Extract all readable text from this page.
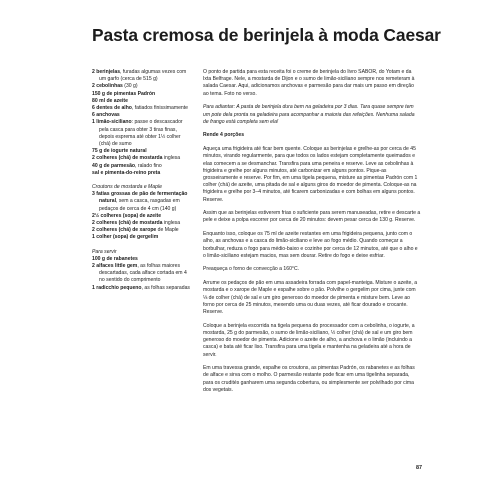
Pasta cremosa de berinjela à moda Caesar

2 berinjelas, furadas algumas vezes com um garfo (cerca de 515 g)

2 cebolinhas (30 g)

150 g de pimentas Padrón

80 ml de azeite

6 dentes de alho, fatiados finissimamente

6 anchovas

1 limão-siciliano: passe o descascador pela casca para obter 3 tiras finas, depois esprema até obter 1½ colher (chá) de sumo

75 g de iogurte natural

2 colheres (chá) de mostarda inglesa

40 g de parmesão, ralado fino

sal e pimenta-do-reino preta

Croutons de mostarda e Maple

3 fatias grossas de pão de fermentação natural, sem a casca, rasgadas em pedaços de cerca de 4 cm (140 g)

2½ colheres (sopa) de azeite

2 colheres (chá) de mostarda inglesa

2 colheres (chá) de xarope de Maple

1 colher (sopa) de gergelim

Para servir

100 g de rabanetes

2 alfaces little gem, as folhas maiores descartadas, cada alface cortada em 4 no sentido do comprimento

1 radicchio pequeno, as folhas separadas

O ponto de partida para esta receita foi o creme de berinjela do livro SABOR, do Yotam e da Ixta Belfrage. Nele, a mostarda de Dijon e o sumo de limão-siciliano sempre nos remeteram à salada Caesar. Aqui, adicionamos anchovas e parmesão para dar mais um passo em direção ao tema. Foto no verso.

Para adiantar: A pasta de berinjela dura bem na geladeira por 3 dias. Tara quase sempre tem um pote dela pronta na geladeira para acompanhar a maioria das refeições. Nenhuma salada de frango está completa sem ela!

Rende 4 porções

Aqueça uma frigideira até ficar bem quente. Coloque as berinjelas e grelhe-as por cerca de 45 minutos, virando regularmente, para que todos os lados estejam completamente queimados e elas comecem a se desmanchar. Transfira para uma peneira e reserve. Leve as cebolinhas à frigideira e grelhe por alguns minutos, até carbonizar em alguns pontos. Pique-as grosseiramente e reserve. Por fim, em uma tigela pequena, misture as pimentas Padrón com 1 colher (chá) de azeite, uma pitada de sal e alguns giros do moedor de pimenta. Coloque-as na frigideira e grelhe por 3–4 minutos, até ficarem carbonizadas e com bolhas em alguns pontos. Reserve.

Assim que as berinjelas estiverem frias o suficiente para serem manuseadas, retire e descarte a pele e deixe a polpa escorrer por cerca de 20 minutos: devem pesar cerca de 130 g. Reserve.

Enquanto isso, coloque os 75 ml de azeite restantes em uma frigideira pequena, junto com o alho, as anchovas e a casca do limão-siciliano e leve ao fogo médio. Quando começar a borbulhar, reduza o fogo para médio-baixo e cozinhe por cerca de 12 minutos, até que o alho e o limão-siciliano estejam macios, mas sem dourar. Retire do fogo e deixe esfriar.

Preaqueça o forno de convecção a 160°C.

Arrume os pedaços de pão em uma assadeira forrada com papel-manteiga. Misture o azeite, a mostarda e o xarope de Maple e espalhe sobre o pão. Polvilhe o gergelim por cima, junte com ⅛ de colher (chá) de sal e um giro generoso do moedor de pimenta e misture bem. Leve ao forno por cerca de 25 minutos, mexendo uma ou duas vezes, até ficar dourado e crocante. Reserve.

Coloque a berinjela escorrida na tigela pequena do processador com a cebolinha, o iogurte, a mostarda, 25 g do parmesão, o sumo de limão-siciliano, ½ colher (chá) de sal e um giro bem generoso do moedor de pimenta. Adicione o azeite de alho, a anchova e o limão (incluindo a casca) e bata até ficar liso. Transfira para uma tigela e mantenha na geladeira até a hora de servir.

Em uma travessa grande, espalhe os croutons, as pimentas Padrón, os rabanetes e as folhas de alface e sirva com o molho. O parmesão restante pode ficar em uma tigelinha separada, para os crudités ganharem uma segunda cobertura, ou simplesmente ser polvilhado por cima dos vegetais.

87
